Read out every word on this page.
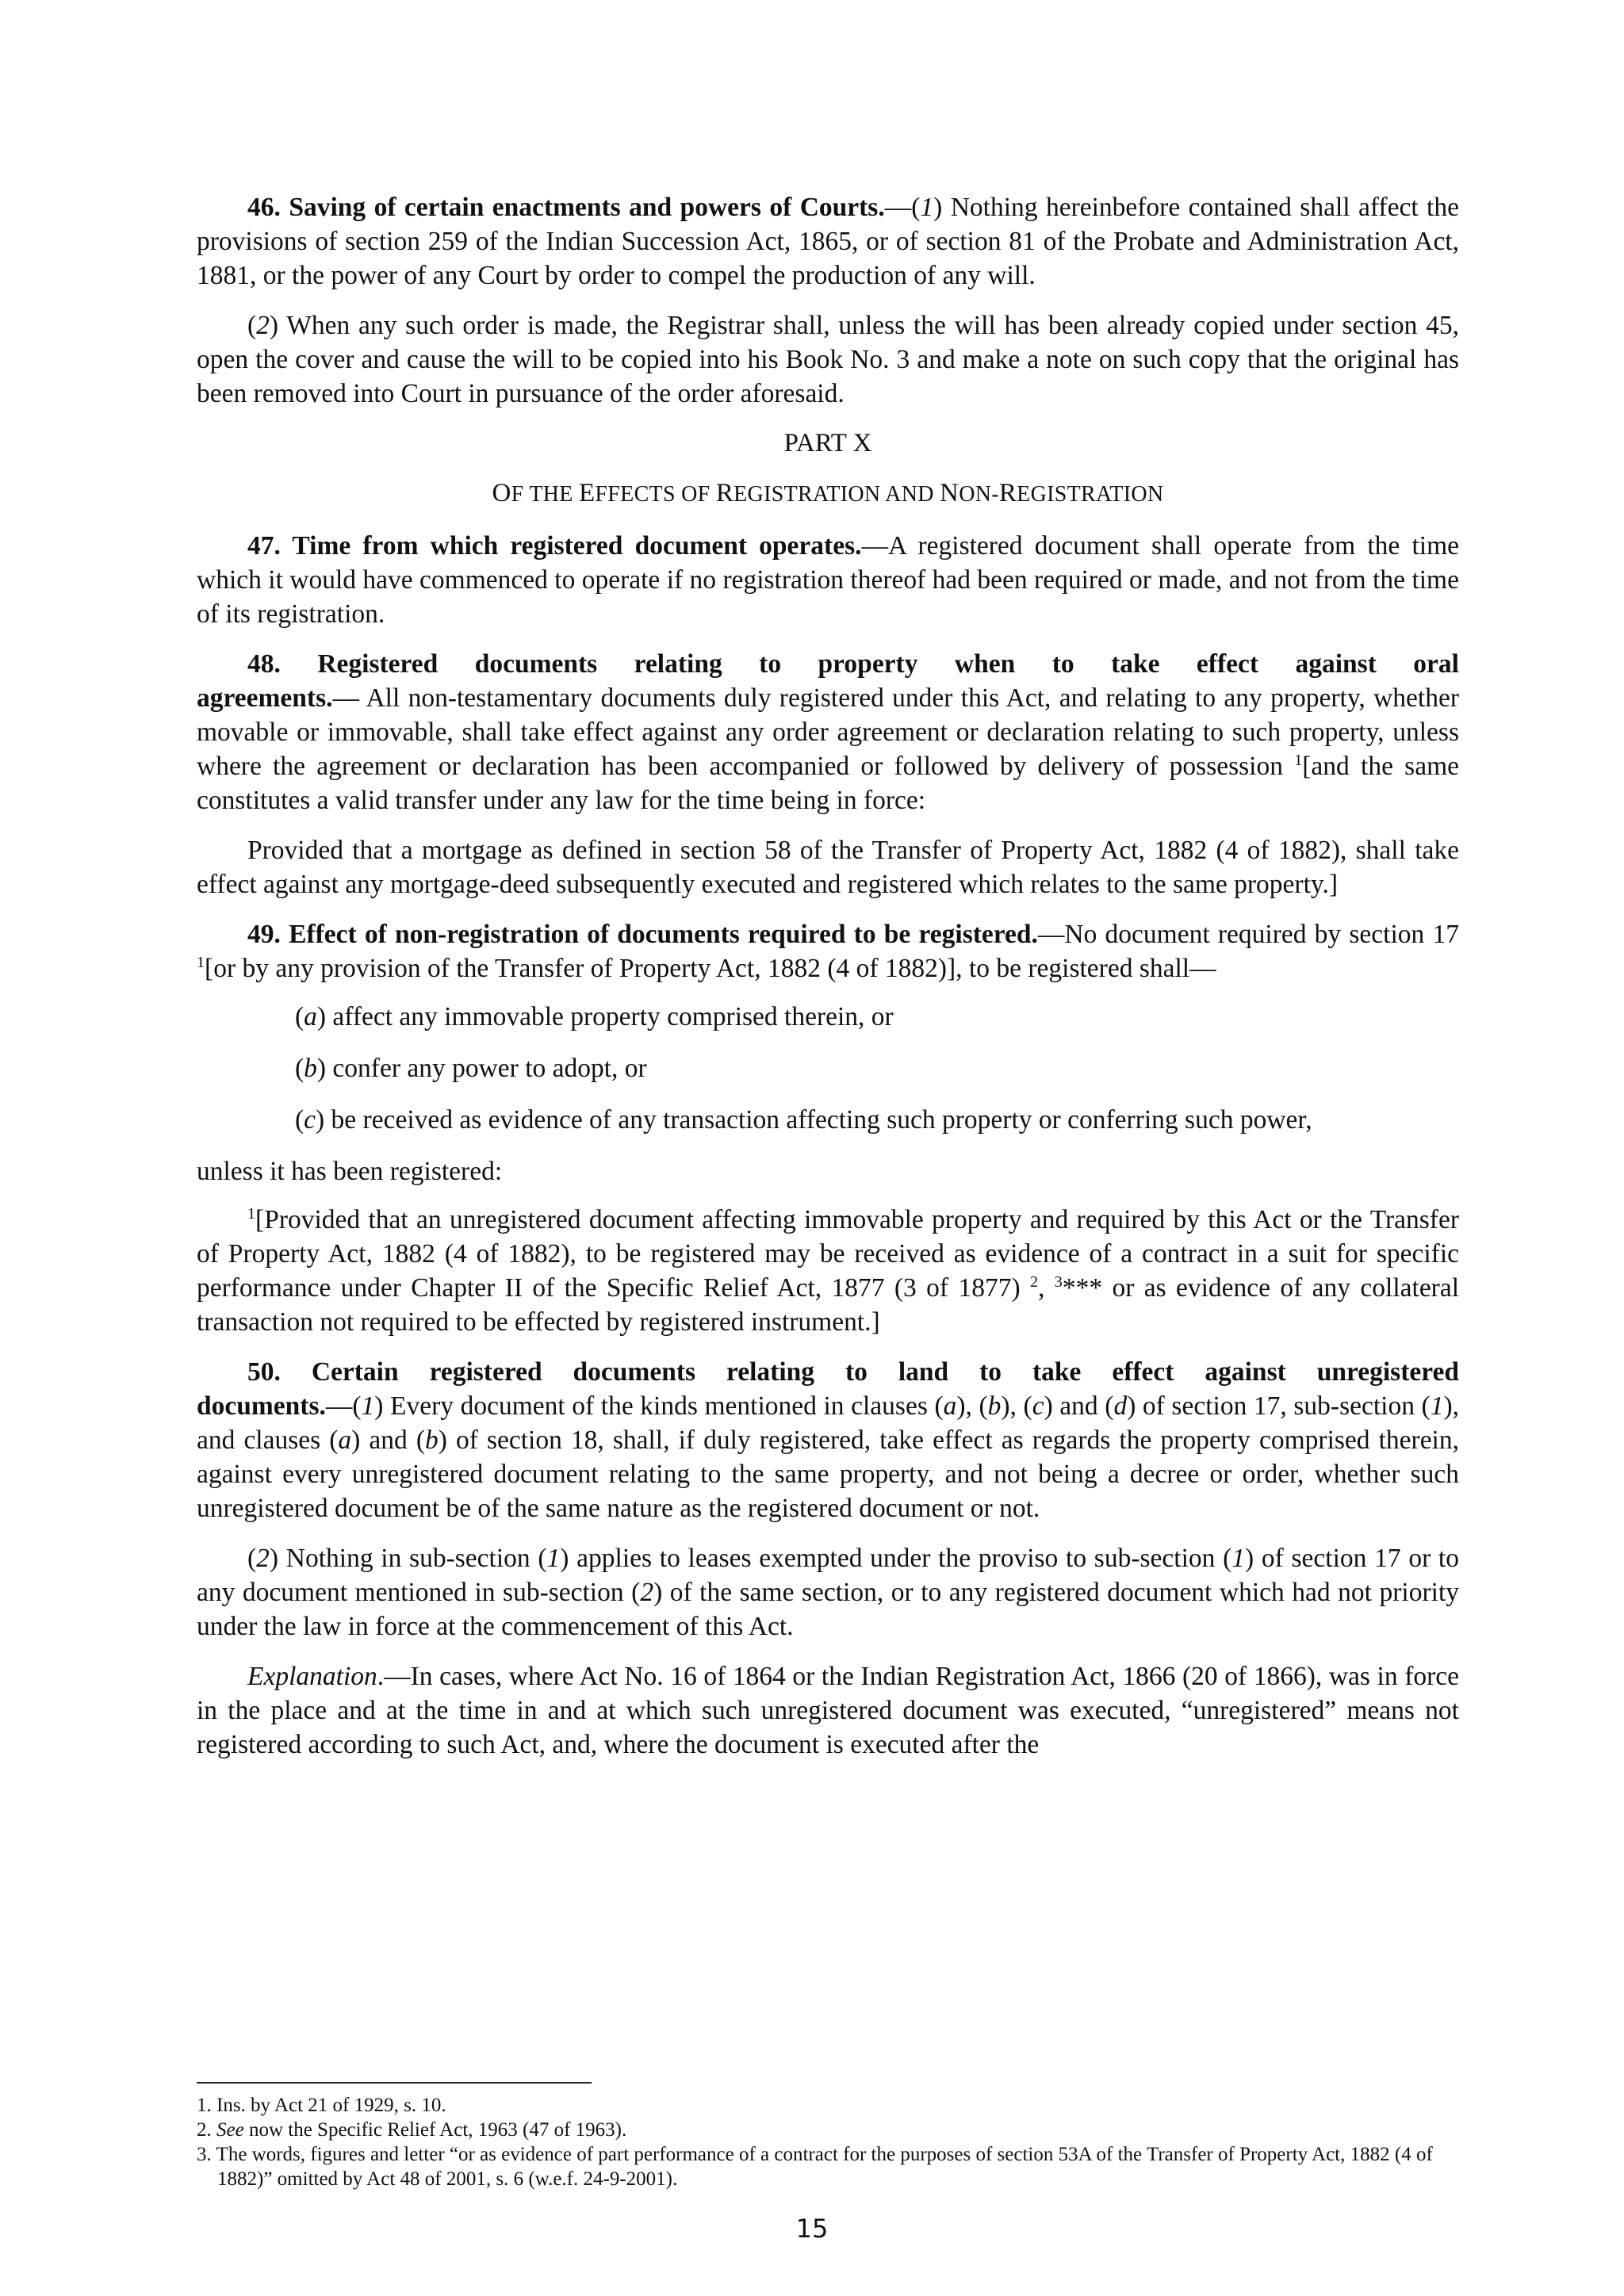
46. Saving of certain enactments and powers of Courts.—(1) Nothing hereinbefore contained shall affect the provisions of section 259 of the Indian Succession Act, 1865, or of section 81 of the Probate and Administration Act, 1881, or the power of any Court by order to compel the production of any will.

(2) When any such order is made, the Registrar shall, unless the will has been already copied under section 45, open the cover and cause the will to be copied into his Book No. 3 and make a note on such copy that the original has been removed into Court in pursuance of the order aforesaid.

PART X

OF THE EFFECTS OF REGISTRATION AND NON-REGISTRATION

47. Time from which registered document operates.—A registered document shall operate from the time which it would have commenced to operate if no registration thereof had been required or made, and not from the time of its registration.

48. Registered documents relating to property when to take effect against oral

agreements.— All non-testamentary documents duly registered under this Act, and relating to any property, whether movable or immovable, shall take effect against any order agreement or declaration relating to such property, unless where the agreement or declaration has been accompanied or followed by delivery of possession $^1$[and the same constitutes a valid transfer under any law for the time being in force:

Provided that a mortgage as defined in section 58 of the Transfer of Property Act, 1882 (4 of 1882), shall take effect against any mortgage-deed subsequently executed and registered which relates to the same property.]

49. Effect of non-registration of documents required to be registered.—No document required by section 17 $^1$[or by any provision of the Transfer of Property Act, 1882 (4 of 1882)], to be registered shall—

(a) affect any immovable property comprised therein, or

(b) confer any power to adopt, or

(c) be received as evidence of any transaction affecting such property or conferring such power,

unless it has been registered:

$^1$[Provided that an unregistered document affecting immovable property and required by this Act or the Transfer of Property Act, 1882 (4 of 1882), to be registered may be received as evidence of a contract in a suit for specific performance under Chapter II of the Specific Relief Act, 1877 (3 of 1877) $^2$, $^3$*** or as evidence of any collateral transaction not required to be effected by registered instrument.]

50. Certain registered documents relating to land to take effect against unregistered

documents.—(1) Every document of the kinds mentioned in clauses (a), (b), (c) and (d) of section 17, sub-section (1), and clauses (a) and (b) of section 18, shall, if duly registered, take effect as regards the property comprised therein, against every unregistered document relating to the same property, and not being a decree or order, whether such unregistered document be of the same nature as the registered document or not.

(2) Nothing in sub-section (1) applies to leases exempted under the proviso to sub-section (1) of section 17 or to any document mentioned in sub-section (2) of the same section, or to any registered document which had not priority under the law in force at the commencement of this Act.

Explanation.—In cases, where Act No. 16 of 1864 or the Indian Registration Act, 1866 (20 of 1866), was in force in the place and at the time in and at which such unregistered document was executed, “unregistered” means not registered according to such Act, and, where the document is executed after the

1. Ins. by Act 21 of 1929, s. 10.

2. See now the Specific Relief Act, 1963 (47 of 1963).

3. The words, figures and letter “or as evidence of part performance of a contract for the purposes of section 53A of the Transfer of Property Act, 1882 (4 of 1882)” omitted by Act 48 of 2001, s. 6 (w.e.f. 24-9-2001).

15
